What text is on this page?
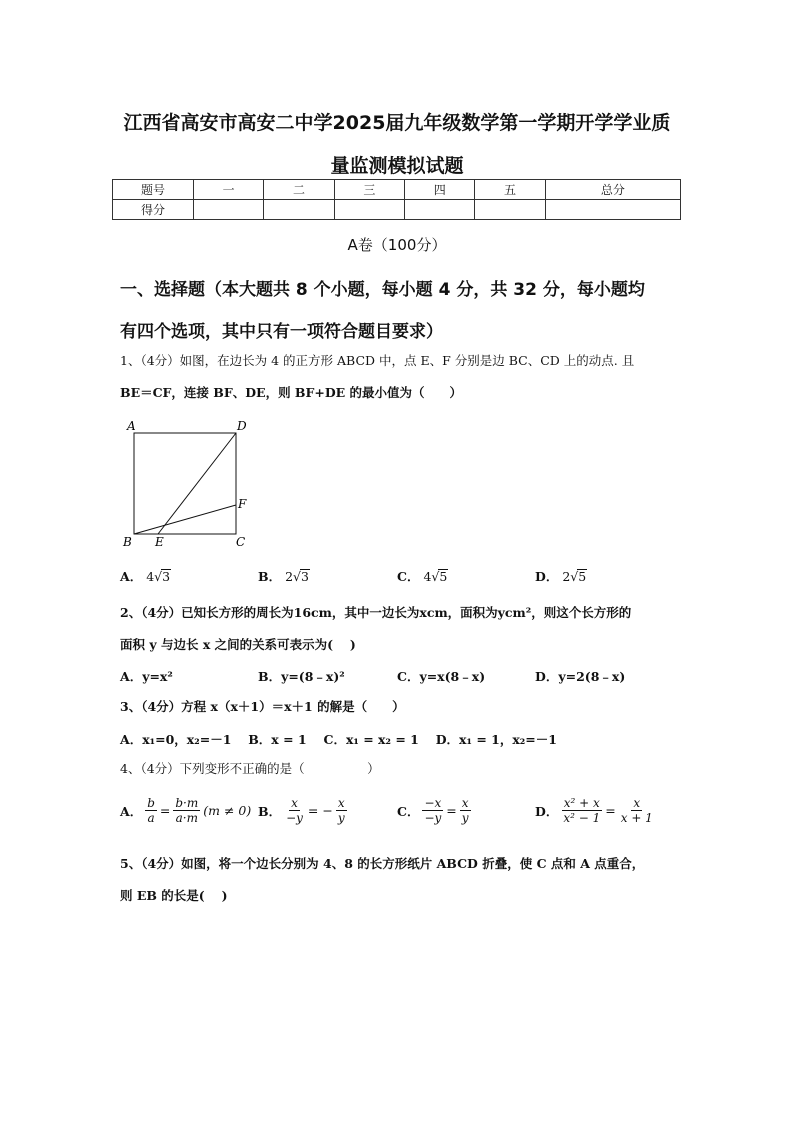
江西省高安市高安二中学2025届九年级数学第一学期开学学业质
量监测模拟试题
题号	一	二	三	四	五	总分
得分						
A卷（100分）
一、选择题（本大题共 8 个小题，每小题 4 分，共 32 分，每小题均
有四个选项，其中只有一项符合题目要求）
1、（4分）如图，在边长为 4 的正方形 ABCD 中，点 E、F 分别是边 BC、CD 上的动点. 且
BE＝CF，连接 BF、DE，则 BF+DE 的最小值为（　　）
A	D
F
B E	C
A． 4√3	B． 2√3	C． 4√5	D． 2√5
2、（4分）已知长方形的周长为16cm，其中一边长为xcm，面积为ycm²，则这个长方形的
面积 y 与边长 x 之间的关系可表示为(　 )
A．y=x²	B．y=(8﹣x)²	C．y=x(8﹣x)	D．y=2(8﹣x)
3、（4分）方程 x（x＋1）＝x＋1 的解是（　　）
A．x₁=0，x₂=－1　 B．x = 1　 C．x₁ = x₂ = 1　 D．x₁ = 1，x₂=－1
4、（4分）下列变形不正确的是（　　　　　）
A． $\frac{b}{a} = \frac{b\cdot m}{a\cdot m} (m \ne 0)$ B． $\frac{x}{-y}$ = − $\frac{x}{y}$	C． $\frac{-x}{-y} = \frac{x}{y}$	D． $\frac{\text{x² + x}}{\text{x² − 1}} = \frac{x}{x + 1}$
5、（4分）如图，将一个边长分别为 4、8 的长方形纸片 ABCD 折叠，使 C 点和 A 点重合，
则 EB 的长是(　 )
